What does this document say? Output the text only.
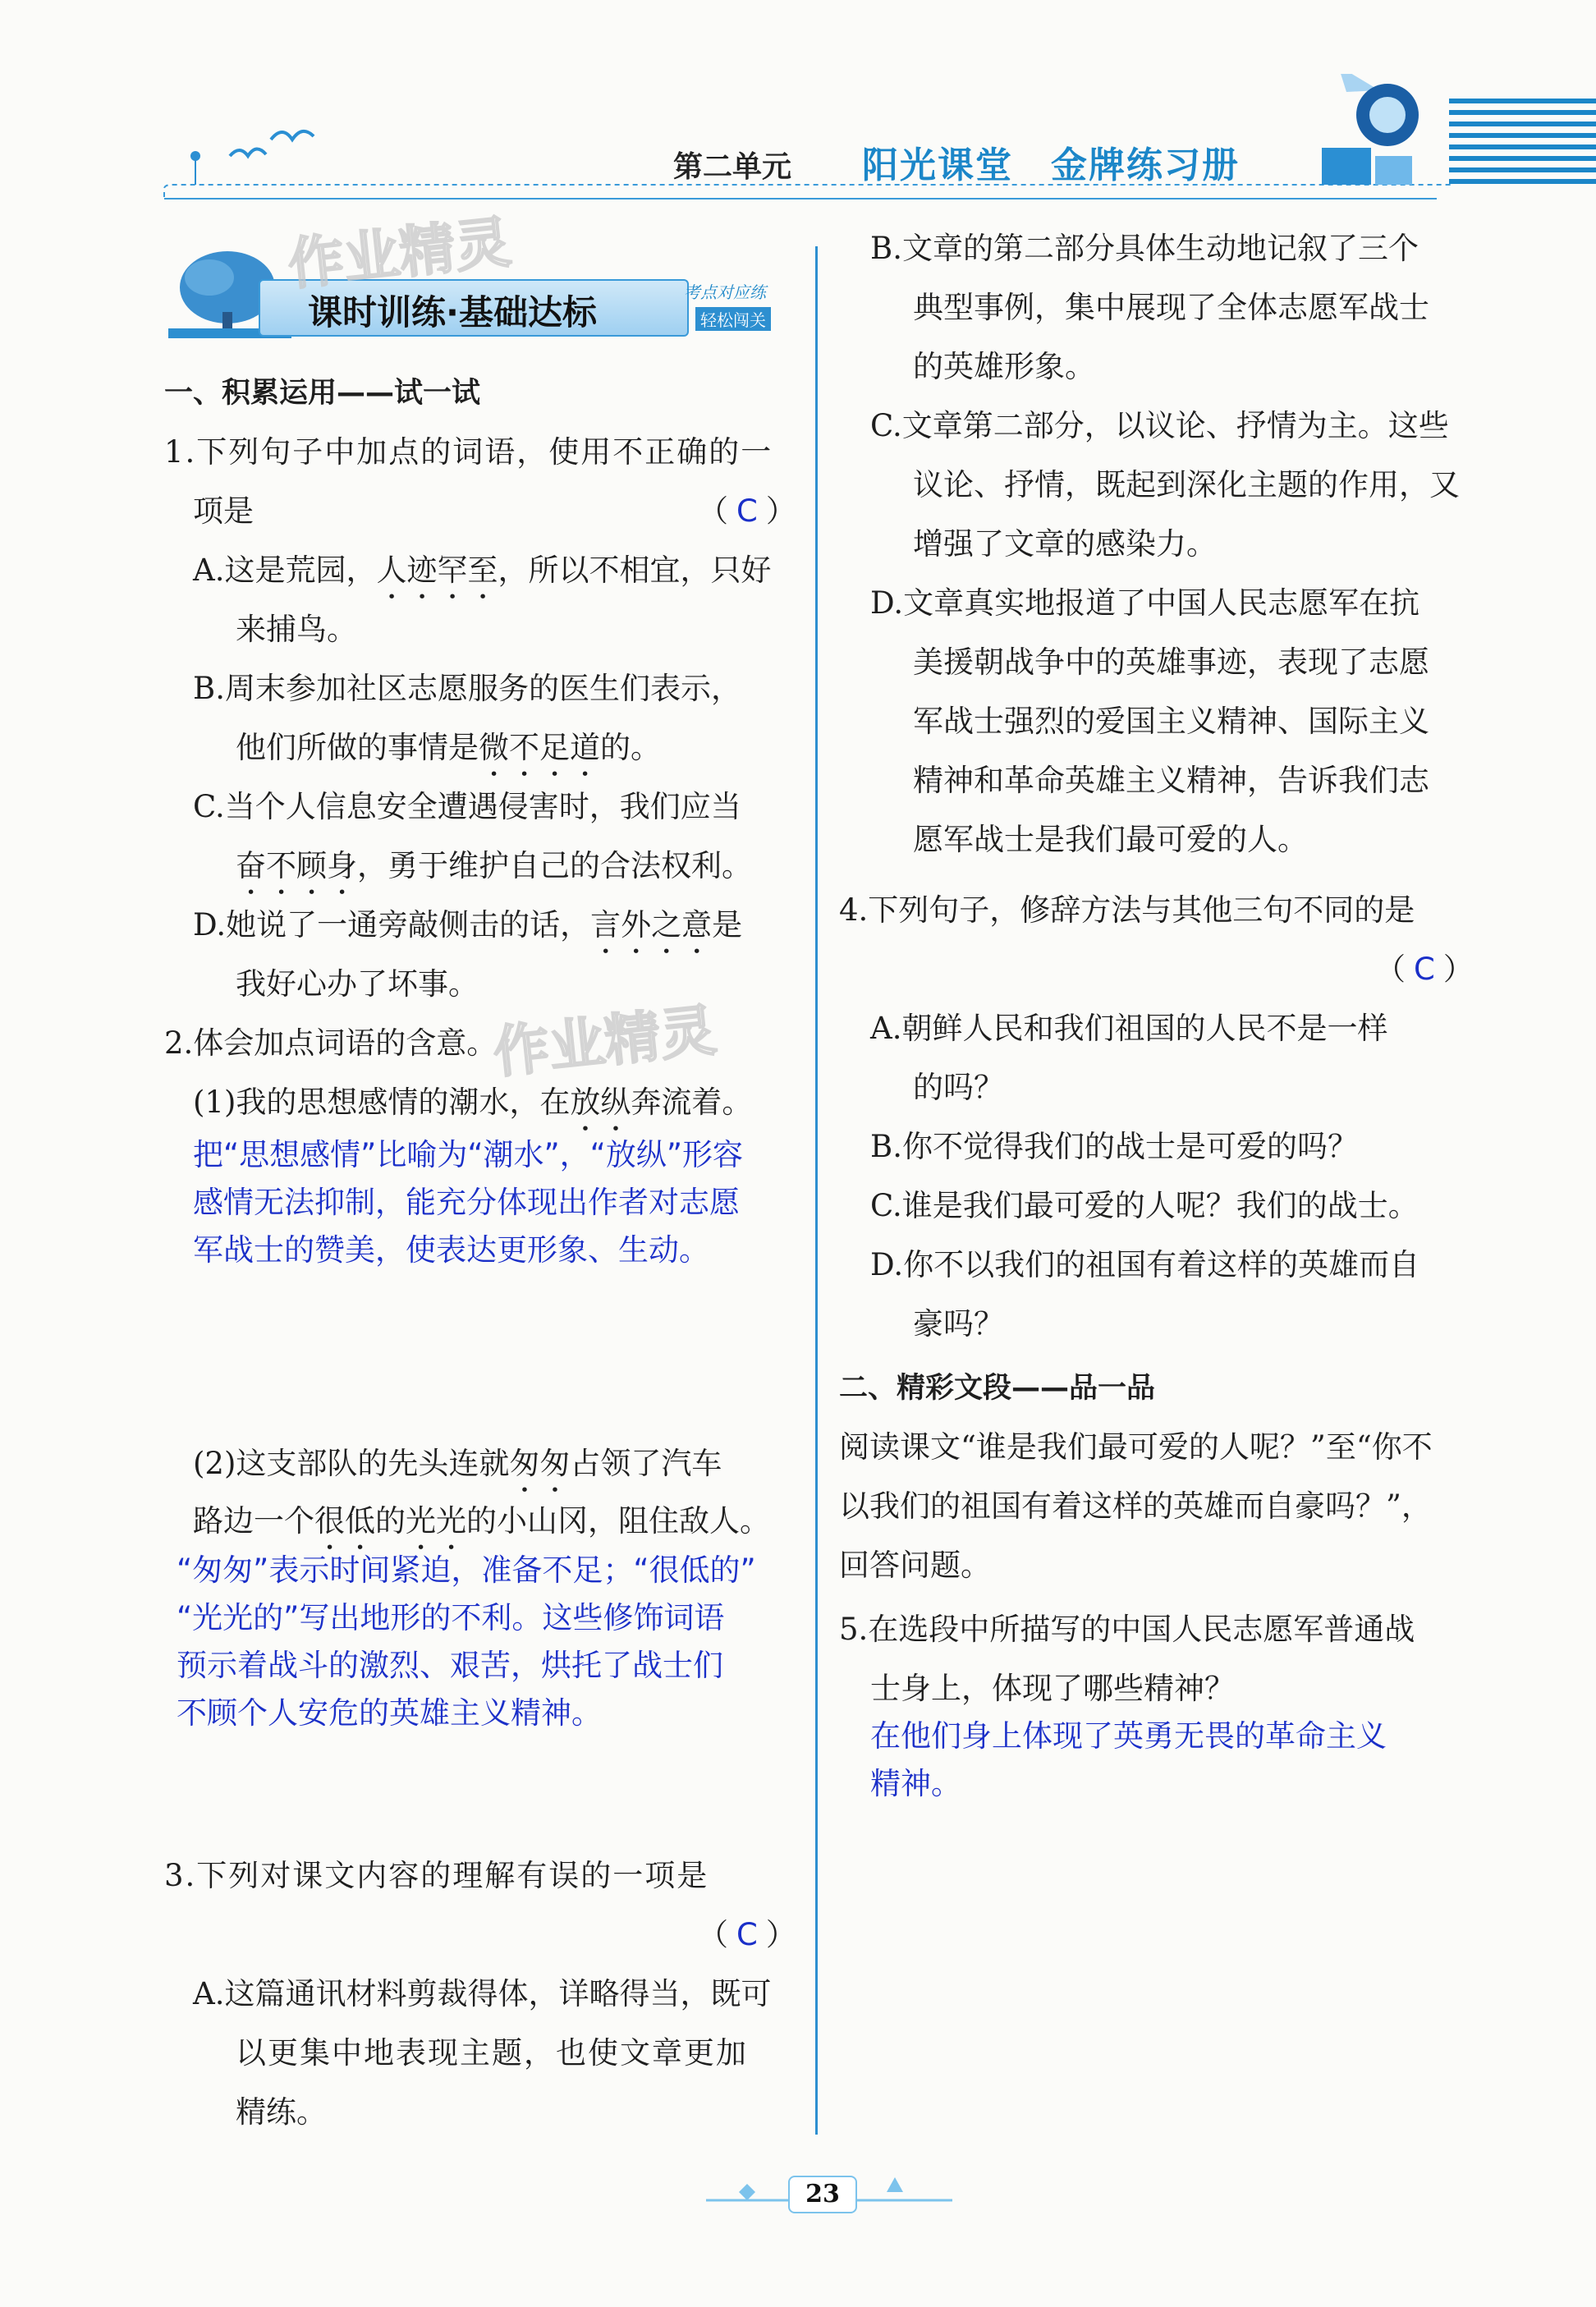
第二单元 阳光课堂　金牌练习册
课时训练·基础达标	考点对应练
轻松闯关
作业精灵
作业精灵
一、积累运用——试一试
1.下列句子中加点的词语，使用不正确的一
项是	（ C ）
A.这是荒园，人迹罕至，所以不相宜，只好
来捕鸟。
B.周末参加社区志愿服务的医生们表示，
他们所做的事情是微不足道的。
C.当个人信息安全遭遇侵害时，我们应当
奋不顾身，勇于维护自己的合法权利。
D.她说了一通旁敲侧击的话，言外之意是
我好心办了坏事。
2.体会加点词语的含意。
(1)我的思想感情的潮水，在放纵奔流着。
把“思想感情”比喻为“潮水”，“放纵”形容
感情无法抑制，能充分体现出作者对志愿
军战士的赞美，使表达更形象、生动。
(2)这支部队的先头连就匆匆占领了汽车
路边一个很低的光光的小山冈，阻住敌人。
“匆匆”表示时间紧迫，准备不足；“很低的”
“光光的”写出地形的不利。这些修饰词语
预示着战斗的激烈、艰苦，烘托了战士们
不顾个人安危的英雄主义精神。
3.下列对课文内容的理解有误的一项是
（ C ）
A.这篇通讯材料剪裁得体，详略得当，既可
以更集中地表现主题，也使文章更加
精练。
B.文章的第二部分具体生动地记叙了三个
典型事例，集中展现了全体志愿军战士
的英雄形象。
C.文章第二部分，以议论、抒情为主。这些
议论、抒情，既起到深化主题的作用，又
增强了文章的感染力。
D.文章真实地报道了中国人民志愿军在抗
美援朝战争中的英雄事迹，表现了志愿
军战士强烈的爱国主义精神、国际主义
精神和革命英雄主义精神，告诉我们志
愿军战士是我们最可爱的人。
4.下列句子，修辞方法与其他三句不同的是
（ C ）
A.朝鲜人民和我们祖国的人民不是一样
的吗？
B.你不觉得我们的战士是可爱的吗？
C.谁是我们最可爱的人呢？我们的战士。
D.你不以我们的祖国有着这样的英雄而自
豪吗？
二、精彩文段——品一品
阅读课文“谁是我们最可爱的人呢？”至“你不
以我们的祖国有着这样的英雄而自豪吗？”，
回答问题。
5.在选段中所描写的中国人民志愿军普通战
士身上，体现了哪些精神？
在他们身上体现了英勇无畏的革命主义
精神。
23
